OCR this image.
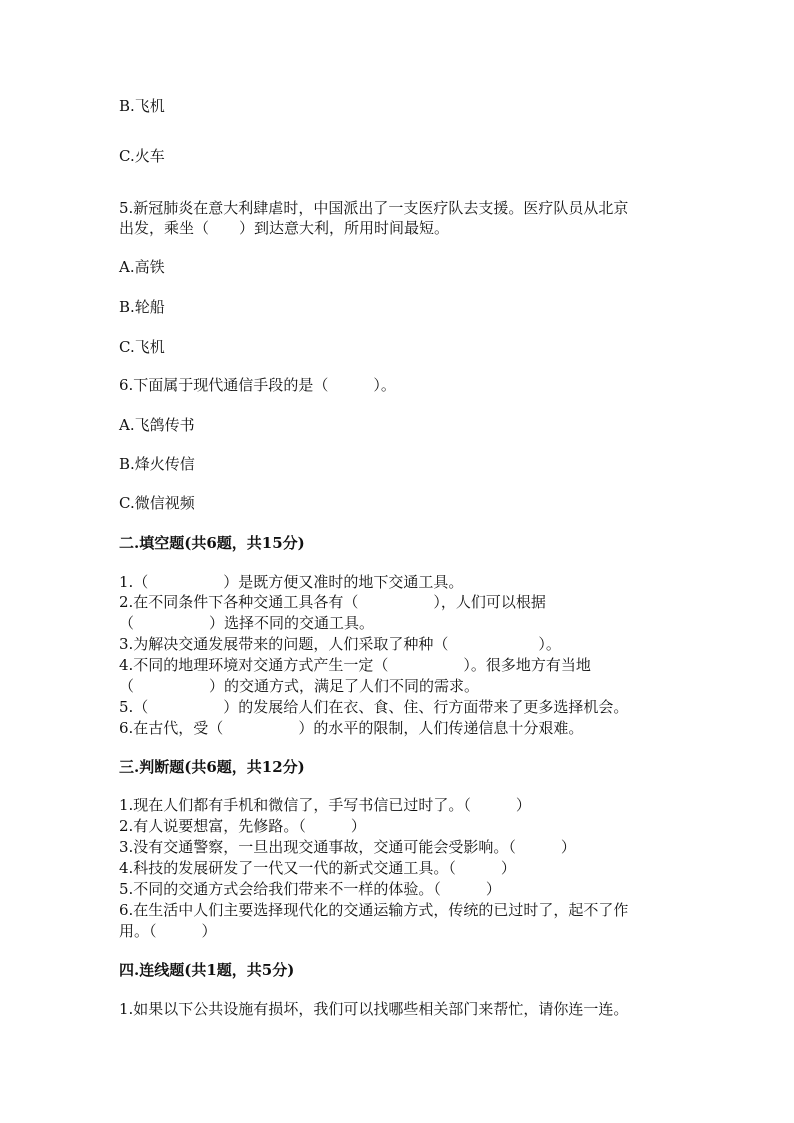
B.飞机
C.火车
5.新冠肺炎在意大利肆虐时，中国派出了一支医疗队去支援。医疗队员从北京
出发，乘坐（　　）到达意大利，所用时间最短。
A.高铁
B.轮船
C.飞机
6.下面属于现代通信手段的是（　　　）。
A.飞鸽传书
B.烽火传信
C.微信视频
二.填空题(共6题，共15分)
1.（　　　　　）是既方便又准时的地下交通工具。
2.在不同条件下各种交通工具各有（　　　　　），人们可以根据
（　　　　　）选择不同的交通工具。
3.为解决交通发展带来的问题，人们采取了种种（　　　　　　）。
4.不同的地理环境对交通方式产生一定（　　　　　）。很多地方有当地
（　　　　　）的交通方式，满足了人们不同的需求。
5.（　　　　　）的发展给人们在衣、食、住、行方面带来了更多选择机会。
6.在古代，受（　　　　　）的水平的限制，人们传递信息十分艰难。
三.判断题(共6题，共12分)
1.现在人们都有手机和微信了，手写书信已过时了。（　　　）
2.有人说要想富，先修路。（　　　）
3.没有交通警察，一旦出现交通事故，交通可能会受影响。（　　　）
4.科技的发展研发了一代又一代的新式交通工具。（　　　）
5.不同的交通方式会给我们带来不一样的体验。（　　　）
6.在生活中人们主要选择现代化的交通运输方式，传统的已过时了，起不了作
用。（　　　）
四.连线题(共1题，共5分)
1.如果以下公共设施有损坏，我们可以找哪些相关部门来帮忙，请你连一连。
